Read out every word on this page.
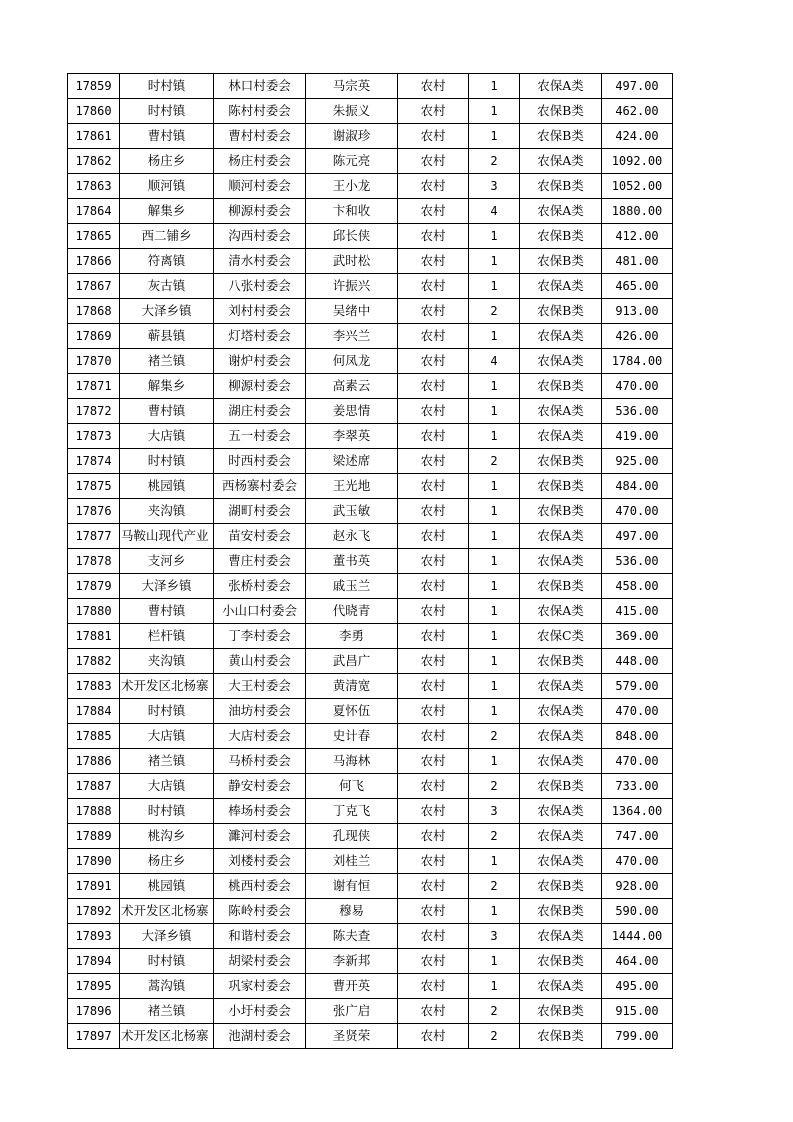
17859	时村镇	林口村委会	马宗英	农村	1	农保A类	497.00
17860	时村镇	陈村村委会	朱振义	农村	1	农保B类	462.00
17861	曹村镇	曹村村委会	谢淑珍	农村	1	农保B类	424.00
17862	杨庄乡	杨庄村委会	陈元亮	农村	2	农保A类	1092.00
17863	顺河镇	顺河村委会	王小龙	农村	3	农保B类	1052.00
17864	解集乡	柳源村委会	卞和收	农村	4	农保A类	1880.00
17865	西二铺乡	沟西村委会	邱长侠	农村	1	农保B类	412.00
17866	符离镇	清水村委会	武时松	农村	1	农保B类	481.00
17867	灰古镇	八张村委会	许振兴	农村	1	农保A类	465.00
17868	大泽乡镇	刘村村委会	吴绪中	农村	2	农保B类	913.00
17869	蕲县镇	灯塔村委会	李兴兰	农村	1	农保A类	426.00
17870	褚兰镇	谢炉村委会	何凤龙	农村	4	农保A类	1784.00
17871	解集乡	柳源村委会	高素云	农村	1	农保B类	470.00
17872	曹村镇	湖庄村委会	姜思情	农村	1	农保A类	536.00
17873	大店镇	五一村委会	李翠英	农村	1	农保A类	419.00
17874	时村镇	时西村委会	梁述席	农村	2	农保B类	925.00
17875	桃园镇	西杨寨村委会	王光地	农村	1	农保B类	484.00
17876	夹沟镇	湖町村委会	武玉敏	农村	1	农保B类	470.00
17877	马鞍山现代产业	苗安村委会	赵永飞	农村	1	农保A类	497.00
17878	支河乡	曹庄村委会	董书英	农村	1	农保A类	536.00
17879	大泽乡镇	张桥村委会	戚玉兰	农村	1	农保B类	458.00
17880	曹村镇	小山口村委会	代晓青	农村	1	农保A类	415.00
17881	栏杆镇	丁李村委会	李勇	农村	1	农保C类	369.00
17882	夹沟镇	黄山村委会	武昌广	农村	1	农保B类	448.00
17883	术开发区北杨寨	大王村委会	黄清宽	农村	1	农保A类	579.00
17884	时村镇	油坊村委会	夏怀伍	农村	1	农保A类	470.00
17885	大店镇	大店村委会	史计春	农村	2	农保A类	848.00
17886	褚兰镇	马桥村委会	马海林	农村	1	农保A类	470.00
17887	大店镇	静安村委会	何飞	农村	2	农保B类	733.00
17888	时村镇	棒场村委会	丁克飞	农村	3	农保A类	1364.00
17889	桃沟乡	濉河村委会	孔现侠	农村	2	农保A类	747.00
17890	杨庄乡	刘楼村委会	刘桂兰	农村	1	农保A类	470.00
17891	桃园镇	桃西村委会	谢有恒	农村	2	农保B类	928.00
17892	术开发区北杨寨	陈岭村委会	穆易	农村	1	农保B类	590.00
17893	大泽乡镇	和谐村委会	陈夫查	农村	3	农保A类	1444.00
17894	时村镇	胡梁村委会	李新邦	农村	1	农保B类	464.00
17895	蒿沟镇	巩家村委会	曹开英	农村	1	农保A类	495.00
17896	褚兰镇	小圩村委会	张广启	农村	2	农保B类	915.00
17897	术开发区北杨寨	池湖村委会	圣贤荣	农村	2	农保B类	799.00
